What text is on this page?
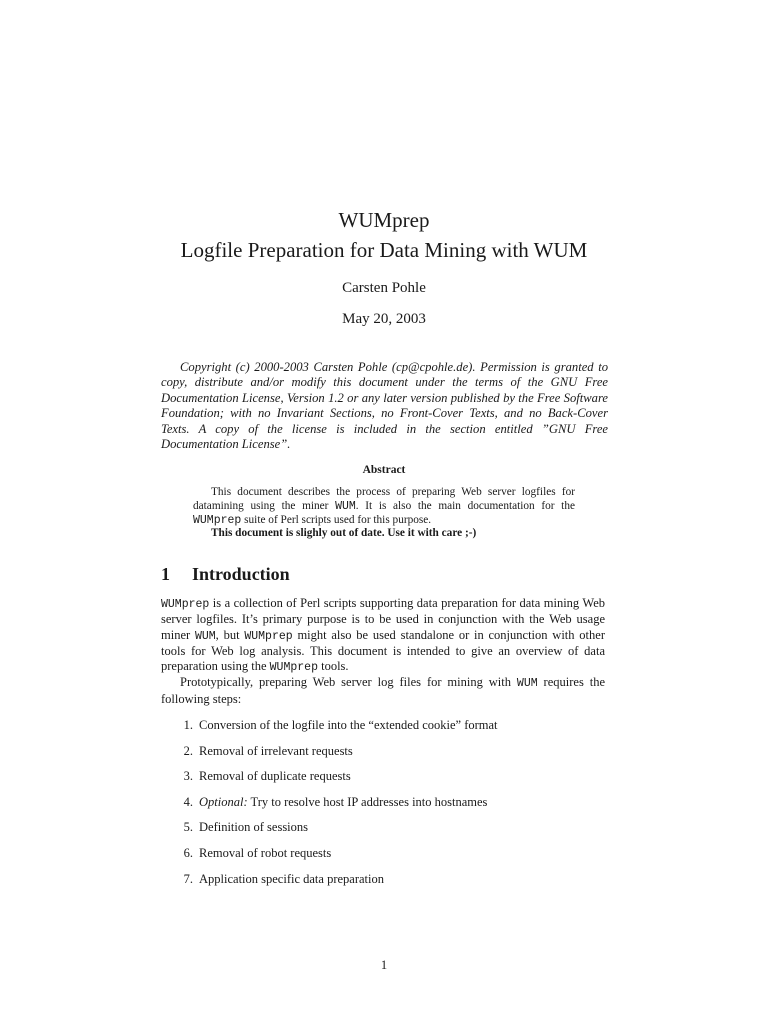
WUMprep
Logfile Preparation for Data Mining with WUM
Carsten Pohle
May 20, 2003
Copyright (c) 2000-2003 Carsten Pohle (cp@cpohle.de). Permission is granted to copy, distribute and/or modify this document under the terms of the GNU Free Documentation License, Version 1.2 or any later version published by the Free Software Foundation; with no Invariant Sections, no Front-Cover Texts, and no Back-Cover Texts. A copy of the license is included in the section entitled ”GNU Free Documentation License”.
Abstract

This document describes the process of preparing Web server logfiles for datamining using the miner WUM. It is also the main documentation for the WUMprep suite of Perl scripts used for this purpose.

This document is slighly out of date. Use it with care ;-)

1 Introduction

WUMprep is a collection of Perl scripts supporting data preparation for data mining Web server logfiles. It’s primary purpose is to be used in conjunction with the Web usage miner WUM, but WUMprep might also be used standalone or in conjunction with other tools for Web log analysis. This document is intended to give an overview of data preparation using the WUMprep tools.

Prototypically, preparing Web server log files for mining with WUM requires the following steps:

1. Conversion of the logfile into the “extended cookie” format
2. Removal of irrelevant requests
3. Removal of duplicate requests
4. Optional: Try to resolve host IP addresses into hostnames
5. Definition of sessions
6. Removal of robot requests
7. Application specific data preparation
1
